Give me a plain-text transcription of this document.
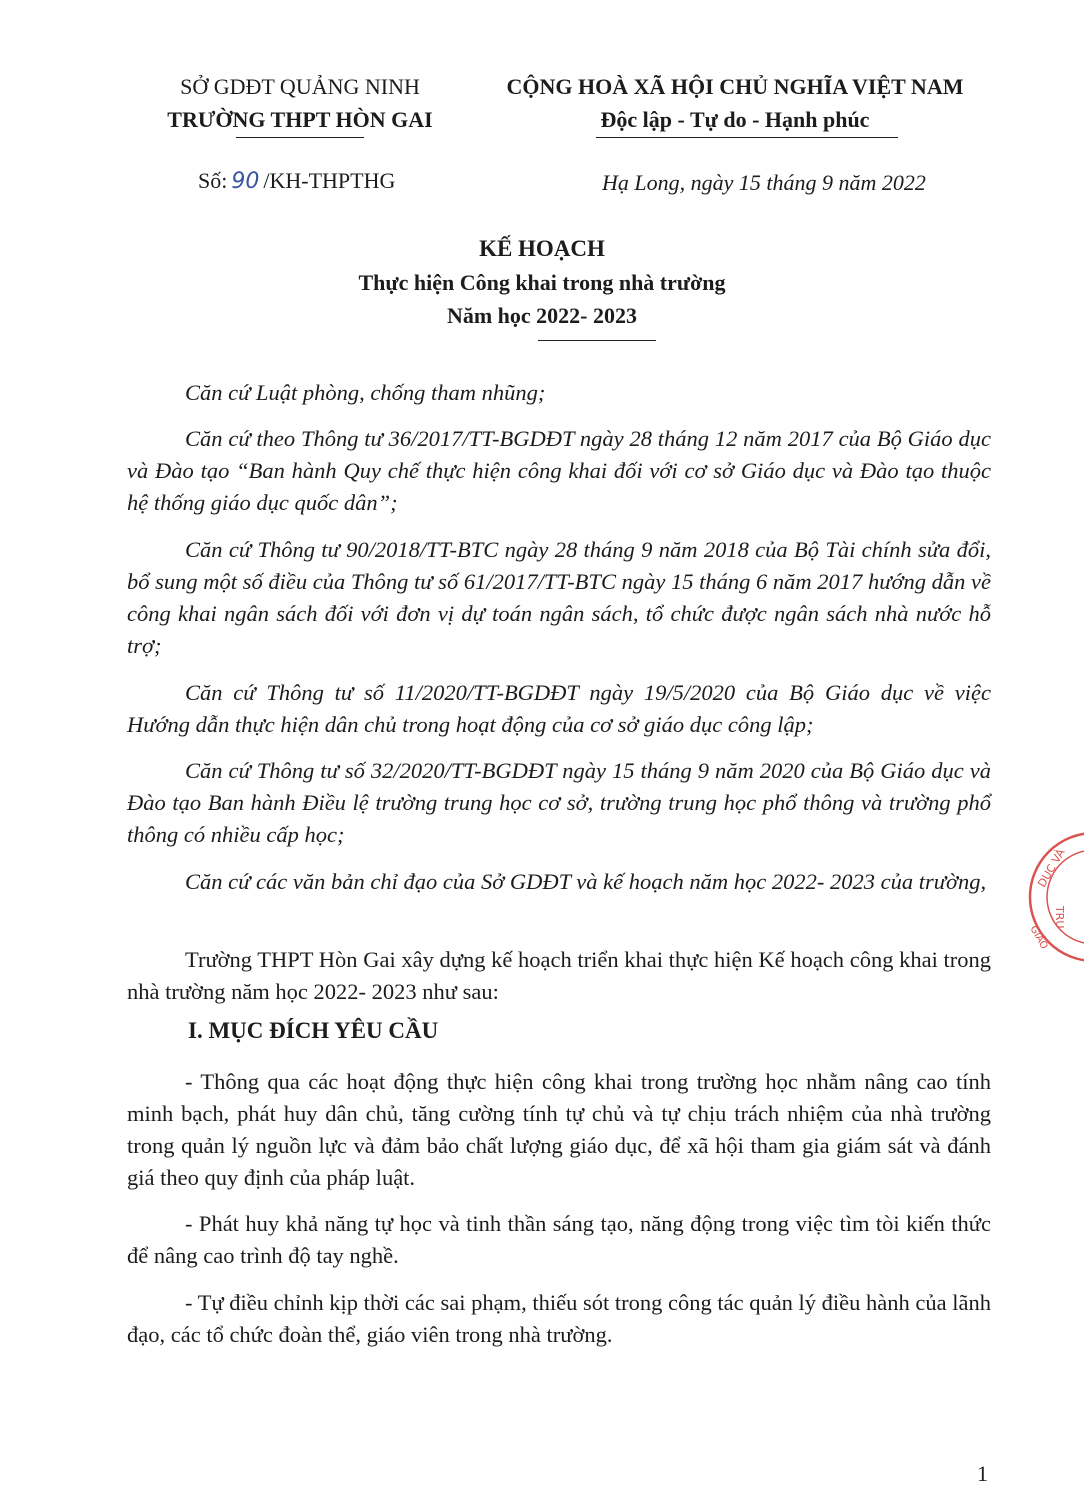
SỞ GDĐT QUẢNG NINH
TRƯỜNG THPT HÒN GAI
CỘNG HOÀ XÃ HỘI CHỦ NGHĨA VIỆT NAM
Độc lập - Tự do - Hạnh phúc
Số: 90 /KH-THPTHG	Hạ Long, ngày 15 tháng 9 năm 2022
KẾ HOẠCH
Thực hiện Công khai trong nhà trường
Năm học 2022- 2023
Căn cứ Luật phòng, chống tham nhũng;
Căn cứ theo Thông tư 36/2017/TT-BGDĐT ngày 28 tháng 12 năm 2017 của Bộ Giáo dục và Đào tạo “Ban hành Quy chế thực hiện công khai đối với cơ sở Giáo dục và Đào tạo thuộc hệ thống giáo dục quốc dân”;
Căn cứ Thông tư 90/2018/TT-BTC ngày 28 tháng 9 năm 2018 của Bộ Tài chính sửa đổi, bổ sung một số điều của Thông tư số 61/2017/TT-BTC ngày 15 tháng 6 năm 2017 hướng dẫn về công khai ngân sách đối với đơn vị dự toán ngân sách, tổ chức được ngân sách nhà nước hỗ trợ;
Căn cứ Thông tư số 11/2020/TT-BGDĐT ngày 19/5/2020 của Bộ Giáo dục về việc Hướng dẫn thực hiện dân chủ trong hoạt động của cơ sở giáo dục công lập;
Căn cứ Thông tư số 32/2020/TT-BGDĐT ngày 15 tháng 9 năm 2020 của Bộ Giáo dục và Đào tạo Ban hành Điều lệ trường trung học cơ sở, trường trung học phổ thông và trường phổ thông có nhiều cấp học;
Căn cứ các văn bản chỉ đạo của Sở GDĐT và kế hoạch năm học 2022- 2023 của trường,
Trường THPT Hòn Gai xây dựng kế hoạch triển khai thực hiện Kế hoạch công khai trong nhà trường năm học 2022- 2023 như sau:
I. MỤC ĐÍCH YÊU CẦU
- Thông qua các hoạt động thực hiện công khai trong trường học nhằm nâng cao tính minh bạch, phát huy dân chủ, tăng cường tính tự chủ và tự chịu trách nhiệm của nhà trường trong quản lý nguồn lực và đảm bảo chất lượng giáo dục, để xã hội tham gia giám sát và đánh giá theo quy định của pháp luật.
- Phát huy khả năng tự học và tinh thần sáng tạo, năng động trong việc tìm tòi kiến thức để nâng cao trình độ tay nghề.
- Tự điều chỉnh kịp thời các sai phạm, thiếu sót trong công tác quản lý điều hành của lãnh đạo, các tổ chức đoàn thể, giáo viên trong nhà trường.
DỤC VÀ
TRU
GIÁO
1
